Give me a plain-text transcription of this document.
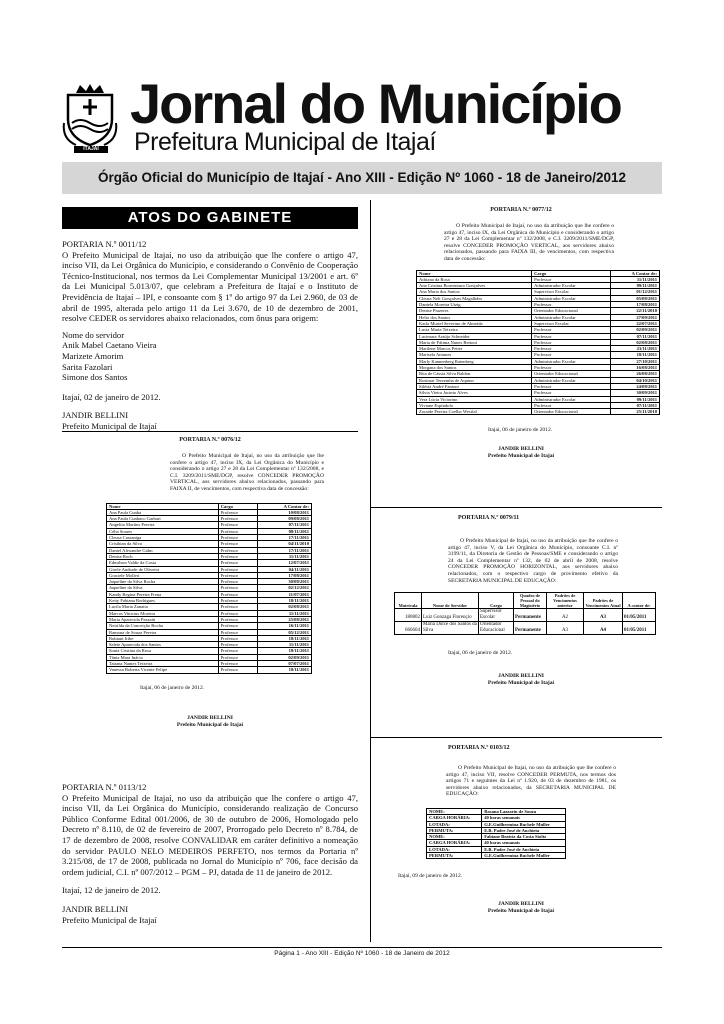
ITAJAÍ
Jornal do Município
Prefeitura Municipal de Itajaí
Órgão Oficial do Município de Itajaí - Ano XIII - Edição Nº 1060 - 18 de Janeiro/2012
ATOS DO GABINETE
PORTARIA N.º 0011/12
O Prefeito Municipal de Itajaí, no uso da atribuição que lhe confere o artigo 47, inciso VII, da Lei Orgânica do Município, e considerando o Convênio de Cooperação Técnico-Institucional, nos termos da Lei Complementar Municipal 13/2001 e art. 6º da Lei Municipal 5.013/07, que celebram a Prefeitura de Itajaí e o Instituto de Previdência de Itajaí – IPI, e consoante com § 1º do artigo 97 da Lei 2.960, de 03 de abril de 1995, alterada pelo artigo 11 da Lei 3.670, de 10 de dezembro de 2001, resolve CEDER os servidores abaixo relacionados, com ônus para origem:
Nome do servidor
Anik Mabel Caetano Vieira
Marizete Amorim
Sarita Fazolari
Simone dos Santos
Itajaí, 02 de janeiro de 2012.
JANDIR BELLINI
Prefeito Municipal de Itajaí
PORTARIA N.º 0076/12
O Prefeito Municipal de Itajaí, no uso da atribuição que lhe confere o artigo 47, inciso IX, da Lei Orgânica do Município e considerando o artigo 27 e 28 da Lei Complementar nº 132/2008, e C.I. 3209/2011/SME/DGP, resolve CONCEDER PROMOÇÃO VERTICAL, aos servidores abaixo relacionados, passando para FAIXA II, de vencimentos, com respectiva data de concessão:
Nome	Cargo	A Contar de:
Ana Paula Cunha	Professor	10/08/2011
Ana Paula Cunhaco Garbari	Professor	09/08/2011
Angelita Martins Pereira	Professor	07/11/2011
Célia Soares	Professor	08/11/2011
Cleusa Cassaniga	Professor	17/11/2011
Cristhian da Silva	Professor	04/11/2010
Daniel Alexandre Galm	Professor	17/11/2011
Denise Roch	Professor	11/11/2011
Edmilson Valdir da Costa	Professor	12/07/2011
Gisele Andrade de Oliveira	Professor	04/11/2011
Graciele Molleri	Professor	17/08/2011
Jaqueline da Silva Rocha	Professor	30/08/2011
Jaqueline da Silva	Professor	02/12/2011
Kandy Regina Pereira Frena	Professor	11/07/2011
Keity Fabiana Rodrigues	Professor	18/11/2011
Lucila Maria Zanatta	Professor	02/08/2011
Marcos Vinicius Moreira	Professor	11/11/2011
Maria Aparecida Pezzatti	Professor	25/08/2011
Neirilda da Conceição Rocha	Professor	16/11/2011
Ramona de Souza Pereira	Professor	05/12/2011
Rubiani Iribe	Professor	18/11/2011
Salete Aparecida dos Santos	Professor	11/11/2011
Sonia Cristina da Rosa	Professor	18/11/2011
Tânia Mara Inácio	Professor	02/09/2011
Tatiana Nantes Teixeira	Professor	07/07/2011
Vanessa Roberta Vicente Felipe	Professor	18/11/2011
Itajaí, 06 de janeiro de 2012.
JANDIR BELLINI
Prefeito Municipal de Itajaí
PORTARIA N.º 0113/12
O Prefeito Municipal de Itajaí, no uso da atribuição que lhe confere o artigo 47, inciso VII, da Lei Orgânica do Município, considerando realização de Concurso Público Conforme Edital 001/2006, de 30 de outubro de 2006, Homologado pelo Decreto nº 8.110, de 02 de fevereiro de 2007, Prorrogado pelo Decreto nº 8.784, de 17 de dezembro de 2008, resolve CONVALIDAR em caráter definitivo a nomeação do servidor PAULO NELO MEDEIROS PERFETO, nos termos da Portaria nº 3.215/08, de 17 de 2008, publicada no Jornal do Município nº 706, face decisão da ordem judicial, C.I. nº 007/2012 – PGM – PJ, datada de 11 de janeiro de 2012.
Itajaí, 12 de janeiro de 2012.
JANDIR BELLINI
Prefeito Municipal de Itajaí
PORTARIA N.º 0077/12
O Prefeito Municipal de Itajaí, no uso da atribuição que lhe confere o artigo 47, inciso IX, da Lei Orgânica do Município e considerando o artigo 27 e 28 da Lei Complementar nº 132/2008, e C.I. 3209/2011/SME/DGP, resolve CONCEDER PROMOÇÃO VERTICAL, aos servidores abaixo relacionados, passando para FAIXA III, de vencimentos, com respectiva data de concessão:
Nome	Cargo	A Contar de:
Adriana da Rosa	Professor	11/11/2011
Ana Cristina Boaventura Gonçalves	Administrador Escolar	09/11/2011
Ana Maria dos Santos	Supervisor Escolar	01/12/2011
Cleusa Neli Gonçalves Magalhães	Administrador Escolar	05/08/2011
Daniela Moreira Utzig	Professor	17/08/2011
Denise Prazeres	Orientador Educacional	22/11/2010
Helio dos Santos	Administrador Escolar	27/09/2011
Karla Muriel Severino de Almeida	Supervisor Escolar	22/07/2011
Lucia Maria Teixeira	Professor	02/09/2011
Lucimara Araújo Schneider	Professor	07/11/2011
Maria de Fátima Nunes Bettoni	Professor	02/08/2011
Marilene Marcos Petter	Professor	23/11/2011
Marisela Antunes	Professor	18/11/2011
Marly Kannenberg Ratenberg	Administrador Escolar	27/10/2011
Morgana dos Santos	Professor	16/08/2011
Rita de Cássia Silva Baldon	Orientador Educacional	26/08/2011
Rosimar Terezinha de Aquino	Administrador Escolar	04/10/2011
Silésia André Fantoni	Professor	24/08/2011
Silvia Vieira Jacinto Alves	Professor	30/09/2011
Vera Lúcia Victorino	Administrador Escolar	09/11/2011
Viviane Espíndola	Professor	07/11/2011
Zoraide Pereira Coelho Westfal	Orientador Educacional	25/11/2010
Itajaí, 06 de janeiro de 2012.
JANDIR BELLINI
Prefeito Municipal de Itajaí
PORTARIA N.º 0079/11
O Prefeito Municipal de Itajaí, no uso da atribuição que lhe confere o artigo 47, inciso V, da Lei Orgânica do Município, consoante C.I. nº 3199/11, da Diretoria de Gestão de Pessoas/SME e considerando o artigo 24 da Lei Complementar nº 132, de 02 de abril de 2008, resolve CONCEDER PROMOÇÃO HORIZONTAL, aos servidores abaixo relacionados, com o respectivo cargo de provimento efetivo da SECRETARIA MUNICIPAL DE EDUCAÇÃO:
Matrícula	Nome do Servidor	Cargo	Quadro de Pessoal do Magistério	Padrões de Vencimentos anterior	Padrões de Vencimentos Atual	A contar de:
180802	Luiz Gonzaga Florençio	Supervisor Escolar	Permanente	A2	A3	01/05/2011
666604	Maria Dulce dos Santos da Silva	Orientador Educacional	Permanente	A3	A4	01/05/2011
Itajaí, 06 de janeiro de 2012.
JANDIR BELLINI
Prefeito Municipal de Itajaí
PORTARIA N.º 0103/12
O Prefeito Municipal de Itajaí, no uso da atribuição que lhe confere o artigo 47, inciso VII, resolve CONCEDER PERMUTA, nos termos dos artigos 71 e seguintes da Lei nº 1.920, de 03 de dezembro de 1981, os servidores abaixo relacionados, da SECRETARIA MUNICIPAL DE EDUCAÇÃO:
NOME:	Rosana Lazzarin de Souza
CARGA HORÁRIA:	40 horas semanais
LOTADA:	G.E.Guilhermina Buchele Muller
PERMUTA:	E.B. Padre José de Anchieta
NOME:	Fabiane Beatriz da Costa Stoltz
CARGA HORÁRIA:	40 horas semanais
LOTADA:	E.B. Padre José de Anchieta
PERMUTA:	G.E.Guilhermina Buchele Muller
Itajaí, 09 de janeiro de 2012.
JANDIR BELLINI
Prefeito Municipal de Itajaí
Página 1 - Ano XIII - Edição Nº 1060 - 18 de Janeiro de 2012
